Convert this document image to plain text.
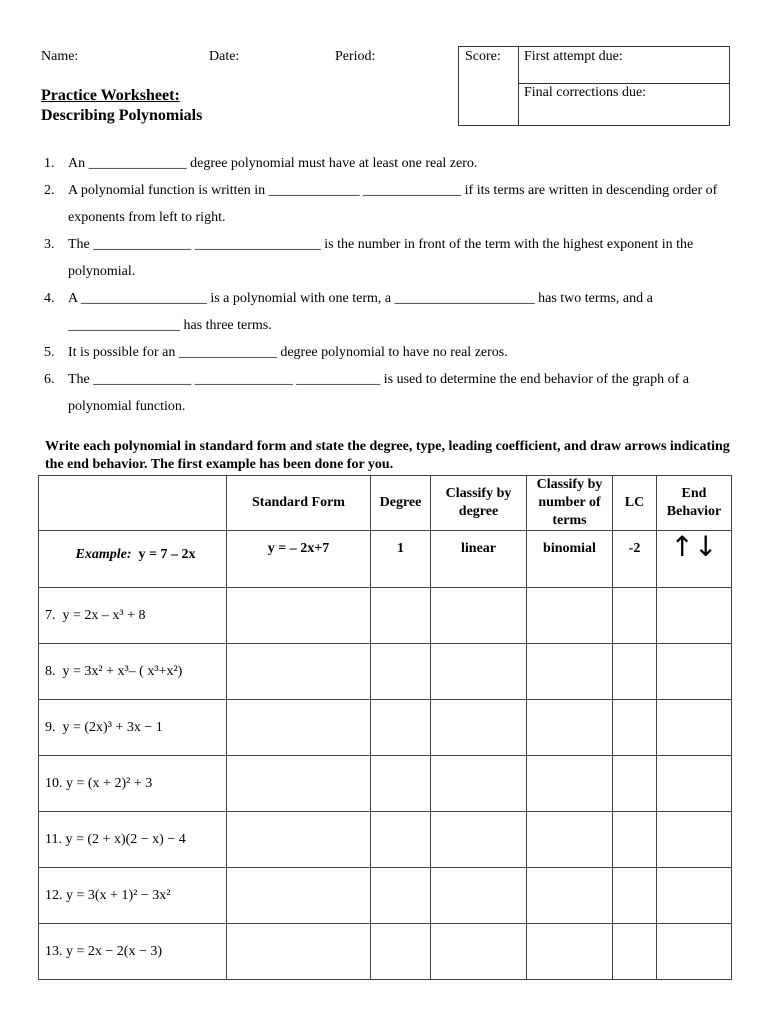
Name:	Date:	Period:	Score: First attempt due:
Final corrections due:
Practice Worksheet:
Describing Polynomials
1. An ______________ degree polynomial must have at least one real zero.
2. A polynomial function is written in _____________ ______________ if its terms are written in descending order of exponents from left to right.
3. The ______________ __________________ is the number in front of the term with the highest exponent in the polynomial.
4. A __________________ is a polynomial with one term, a ____________________ has two terms, and a ________________ has three terms.
5. It is possible for an ______________ degree polynomial to have no real zeros.
6. The ______________ ______________ ____________ is used to determine the end behavior of the graph of a polynomial function.
Write each polynomial in standard form and state the degree, type, leading coefficient, and draw arrows indicating the end behavior. The first example has been done for you.
	Standard Form	Degree	Classify by degree	Classify by number of terms	LC	End Behavior
Example: y = 7 – 2x	y = – 2x+7	1	linear	binomial	-2	↑↓
7. y = 2x – x³ + 8						
8. y = 3x² + x³– ( x³+x²)						
9. y = (2x)³ + 3x − 1						
10. y = (x + 2)² + 3						
11. y = (2 + x)(2 − x) − 4						
12. y = 3(x + 1)² − 3x²						
13. y = 2x − 2(x − 3)						
